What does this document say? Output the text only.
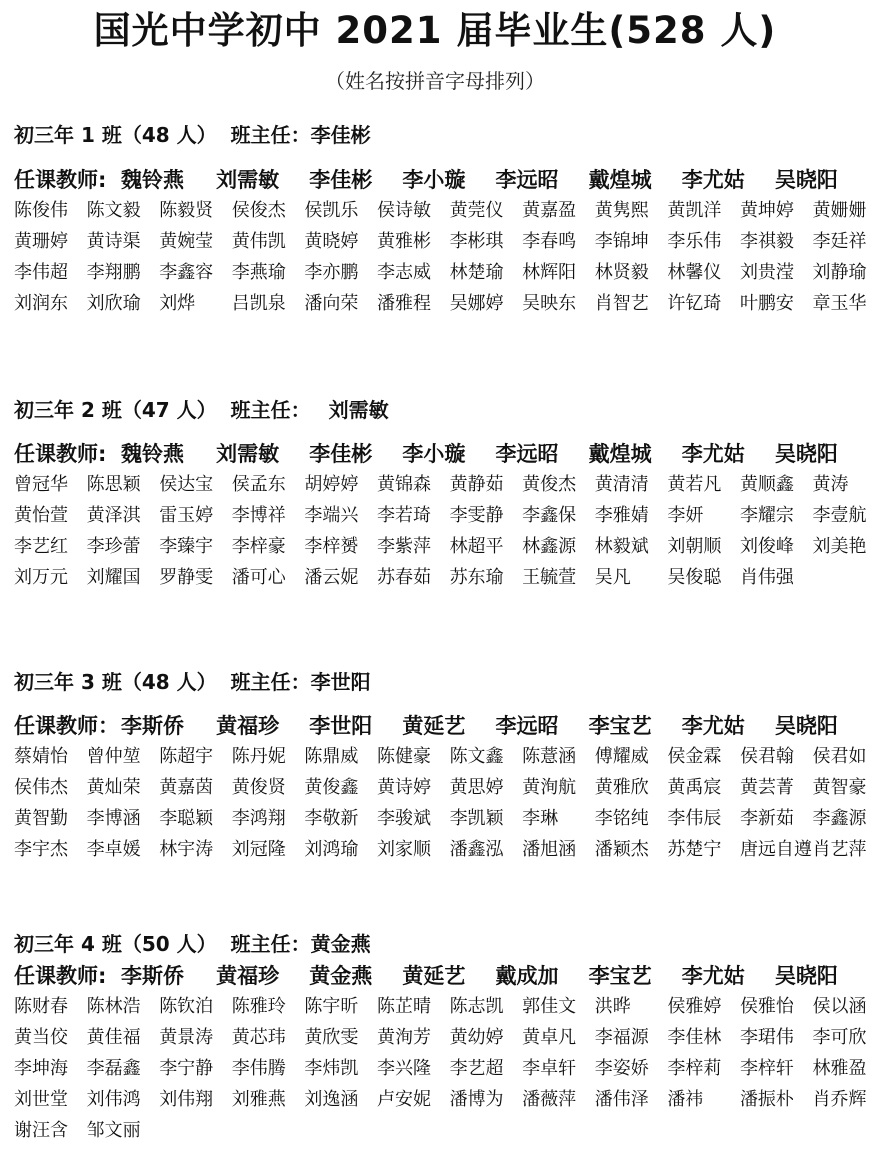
国光中学初中 2021 届毕业生(528 人)
（姓名按拼音字母排列）
初三年 1 班（48 人） 班主任：李佳彬
任课教师: 魏铃燕	刘需敏	李佳彬	李小璇	李远昭	戴煌城	李尤姑	吴晓阳
陈俊伟	陈文毅	陈毅贤	侯俊杰	侯凯乐	侯诗敏	黄莞仪	黄嘉盈	黄隽熙	黄凯洋	黄坤婷	黄姗姗
黄珊婷	黄诗渠	黄婉莹	黄伟凯	黄晓婷	黄雅彬	李彬琪	李春鸣	李锦坤	李乐伟	李祺毅	李廷祥
李伟超	李翔鹏	李鑫容	李燕瑜	李亦鹏	李志威	林楚瑜	林辉阳	林贤毅	林馨仪	刘贵滢	刘静瑜
刘润东	刘欣瑜	刘烨	吕凯泉	潘向荣	潘雅程	吴娜婷	吴映东	肖智艺	许钇琦	叶鹏安	章玉华
初三年 2 班（47 人） 班主任： 刘需敏
任课教师: 魏铃燕	刘需敏	李佳彬	李小璇	李远昭	戴煌城	李尤姑	吴晓阳
曾冠华	陈思颖	侯达宝	侯孟东	胡婷婷	黄锦森	黄静茹	黄俊杰	黄清清	黄若凡	黄顺鑫	黄涛
黄怡萱	黄泽淇	雷玉婷	李博祥	李端兴	李若琦	李雯静	李鑫保	李雅婧	李妍	李耀宗	李壹航
李艺红	李珍蕾	李臻宇	李梓豪	李梓赟	李紫萍	林超平	林鑫源	林毅斌	刘朝顺	刘俊峰	刘美艳
刘万元	刘耀国	罗静雯	潘可心	潘云妮	苏春茹	苏东瑜	王毓萱	吴凡	吴俊聪	肖伟强
初三年 3 班（48 人） 班主任：李世阳
任课教师： 李斯侨	黄福珍	李世阳	黄延艺	李远昭	李宝艺	李尤姑	吴晓阳
蔡婧怡	曾仲堃	陈超宇	陈丹妮	陈鼎威	陈健豪	陈文鑫	陈薏涵	傅耀威	侯金霖	侯君翰	侯君如
侯伟杰	黄灿荣	黄嘉茵	黄俊贤	黄俊鑫	黄诗婷	黄思婷	黄洵航	黄雅欣	黄禹宸	黄芸菁	黄智豪
黄智勤	李博涵	李聪颖	李鸿翔	李敬新	李骏斌	李凯颖	李琳	李铭纯	李伟辰	李新茹	李鑫源
李宇杰	李卓媛	林宇涛	刘冠隆	刘鸿瑜	刘家顺	潘鑫泓	潘旭涵	潘颖杰	苏楚宁	唐远自遵 肖艺萍
初三年 4 班（50 人） 班主任：黄金燕
任课教师: 李斯侨	黄福珍	黄金燕	黄延艺	戴成加	李宝艺	李尤姑	吴晓阳
陈财春	陈林浩	陈钦泊	陈雅玲	陈宇昕	陈芷晴	陈志凯	郭佳文	洪晔	侯雅婷	侯雅怡	侯以涵
黄当佼	黄佳福	黄景涛	黄芯玮	黄欣雯	黄洵芳	黄幼婷	黄卓凡	李福源	李佳林	李珺伟	李可欣
李坤海	李磊鑫	李宁静	李伟腾	李炜凯	李兴隆	李艺超	李卓轩	李姿娇	李梓莉	李梓轩	林雅盈
刘世堂	刘伟鸿	刘伟翔	刘雅燕	刘逸涵	卢安妮	潘博为	潘薇萍	潘伟泽	潘祎	潘振朴	肖乔辉
谢汪含	邹文丽
